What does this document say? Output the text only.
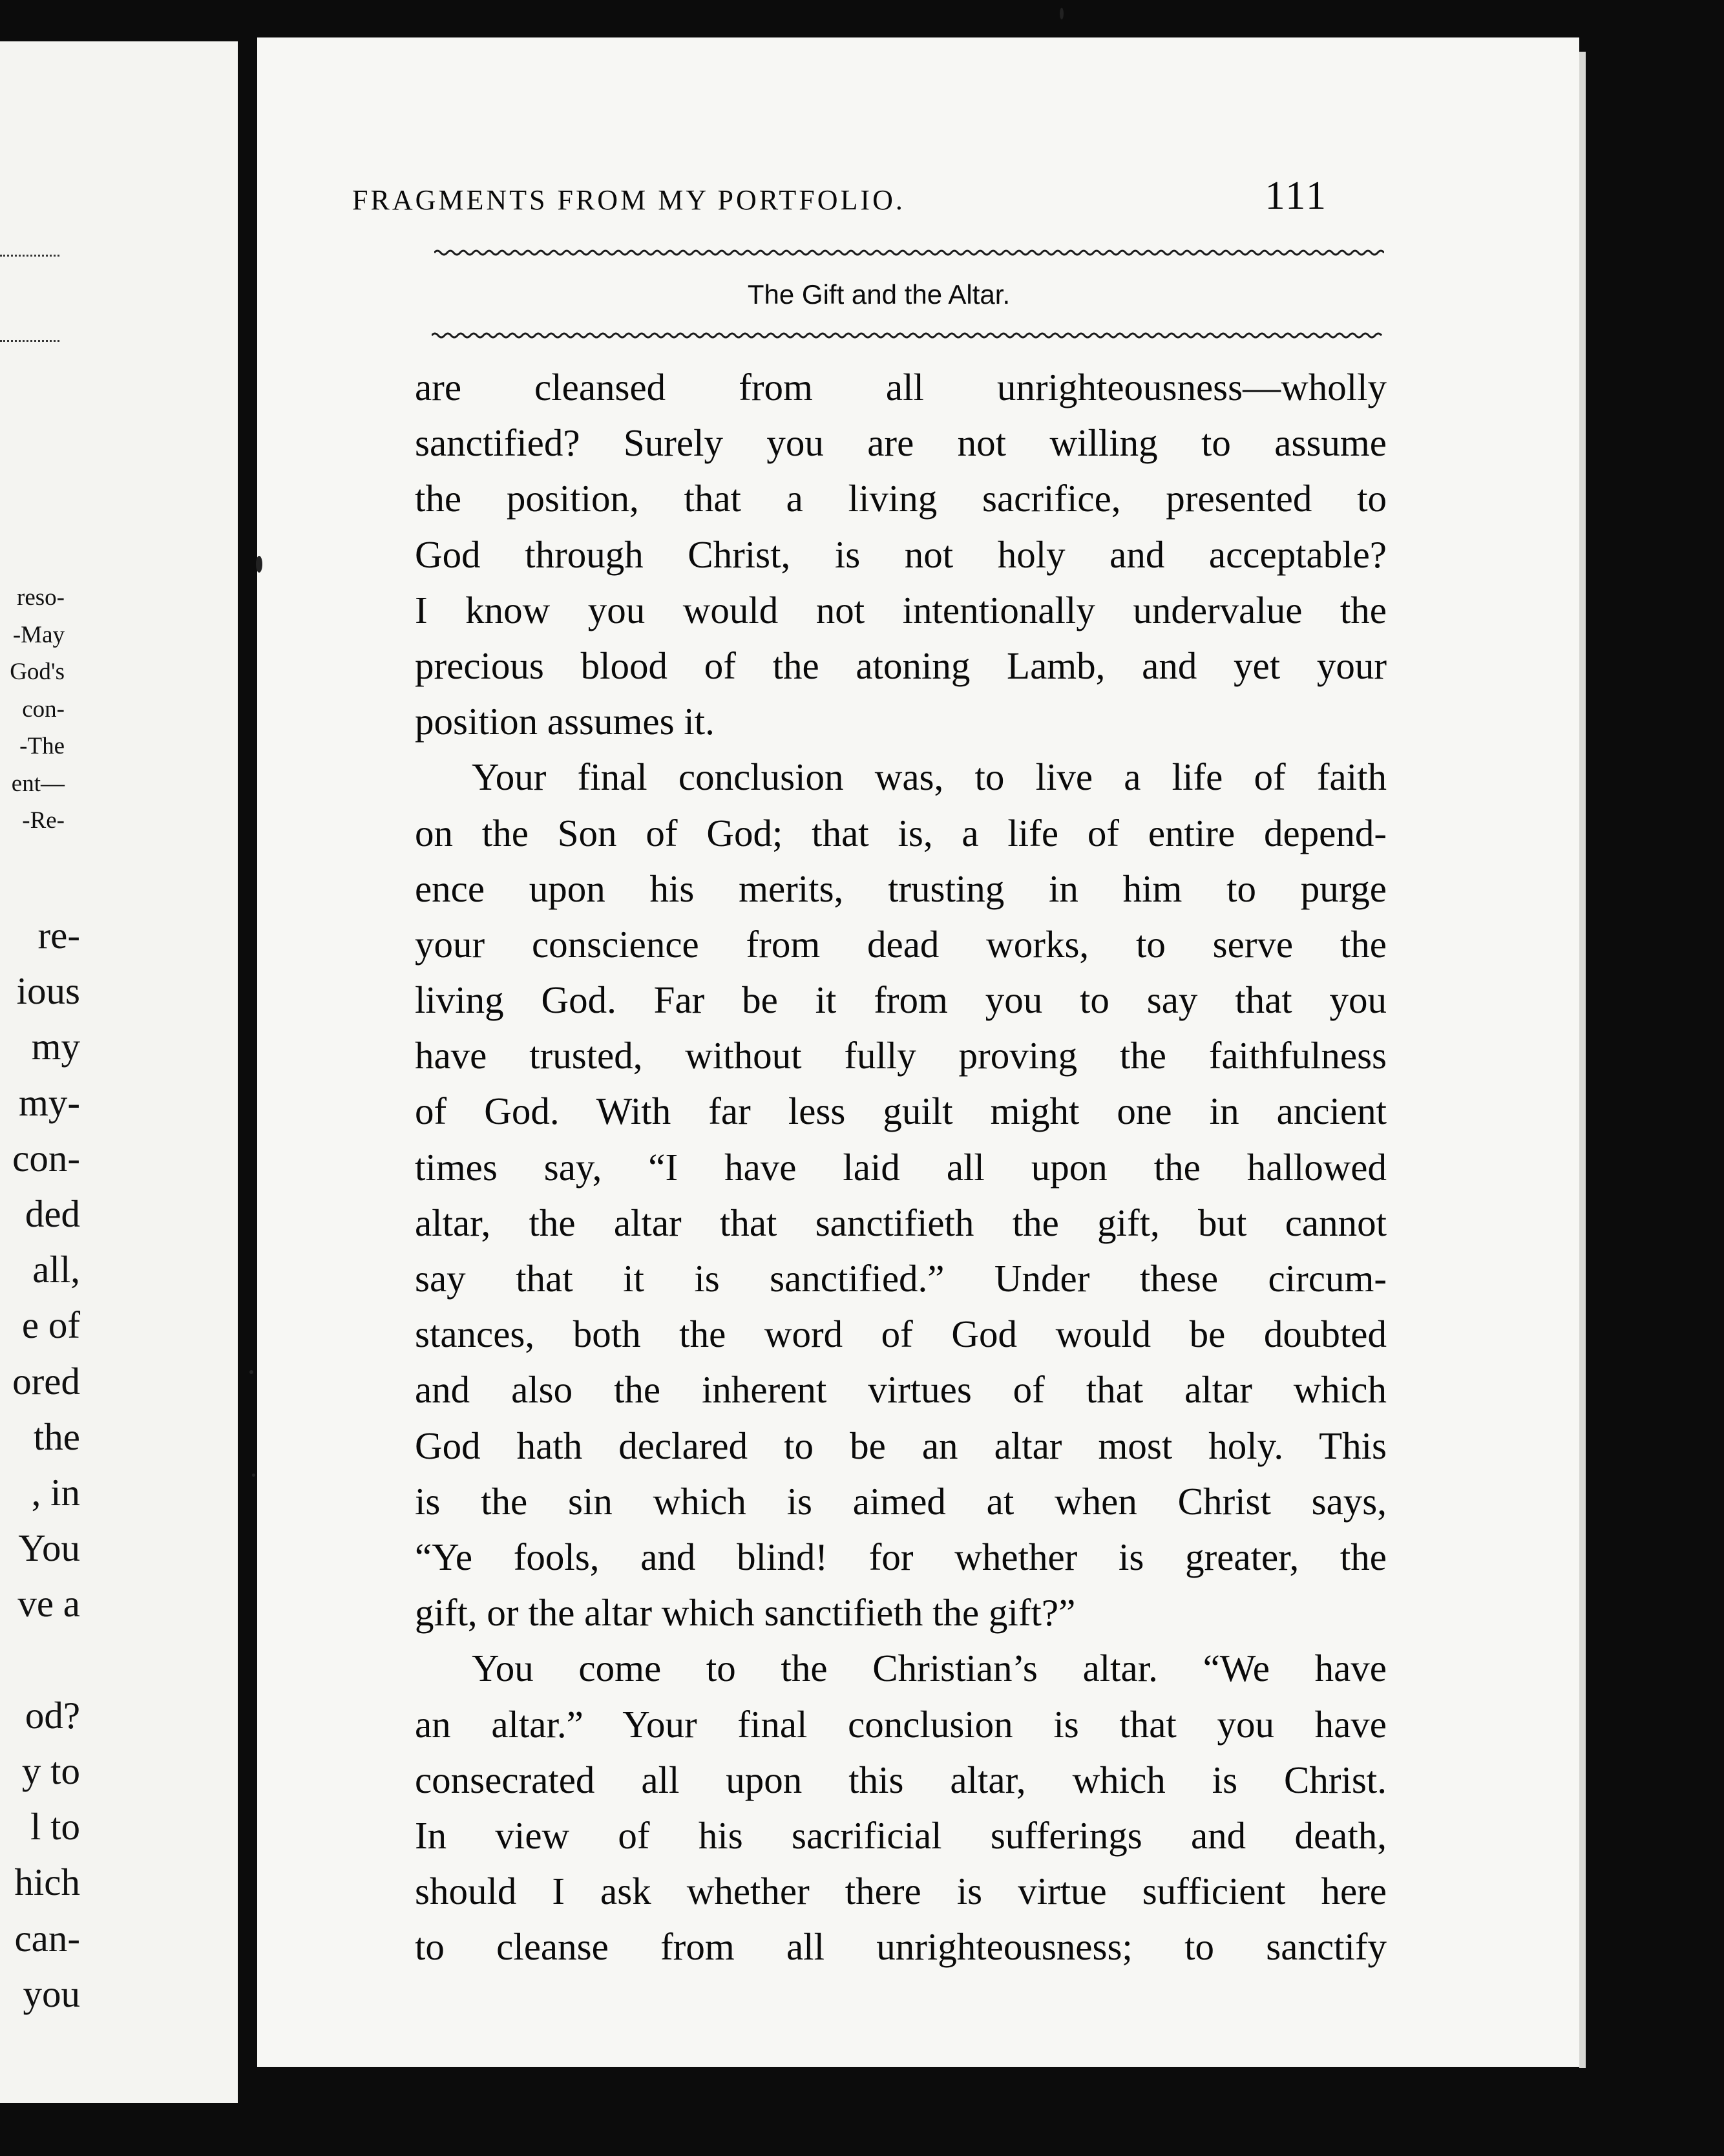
reso-
-May
God's
con-
-The
ent—
-Re-
re-
ious
my
my-
con-
ded
all,
e of
ored
the
, in
You
ve a

od?
y to
l to
hich
can-
you
FRAGMENTS FROM MY PORTFOLIO.	111
The Gift and the Altar.
are cleansed from all unrighteousness—wholly
sanctified? Surely you are not willing to assume
the position, that a living sacrifice, presented to
God through Christ, is not holy and acceptable?
I know you would not intentionally undervalue the
precious blood of the atoning Lamb, and yet your
position assumes it.
Your final conclusion was, to live a life of faith
on the Son of God; that is, a life of entire depend-
ence upon his merits, trusting in him to purge
your conscience from dead works, to serve the
living God. Far be it from you to say that you
have trusted, without fully proving the faithfulness
of God. With far less guilt might one in ancient
times say, “I have laid all upon the hallowed
altar, the altar that sanctifieth the gift, but cannot
say that it is sanctified.” Under these circum-
stances, both the word of God would be doubted
and also the inherent virtues of that altar which
God hath declared to be an altar most holy. This
is the sin which is aimed at when Christ says,
“Ye fools, and blind! for whether is greater, the
gift, or the altar which sanctifieth the gift?”
You come to the Christian’s altar. “We have
an altar.” Your final conclusion is that you have
consecrated all upon this altar, which is Christ.
In view of his sacrificial sufferings and death,
should I ask whether there is virtue sufficient here
to cleanse from all unrighteousness; to sanctify
